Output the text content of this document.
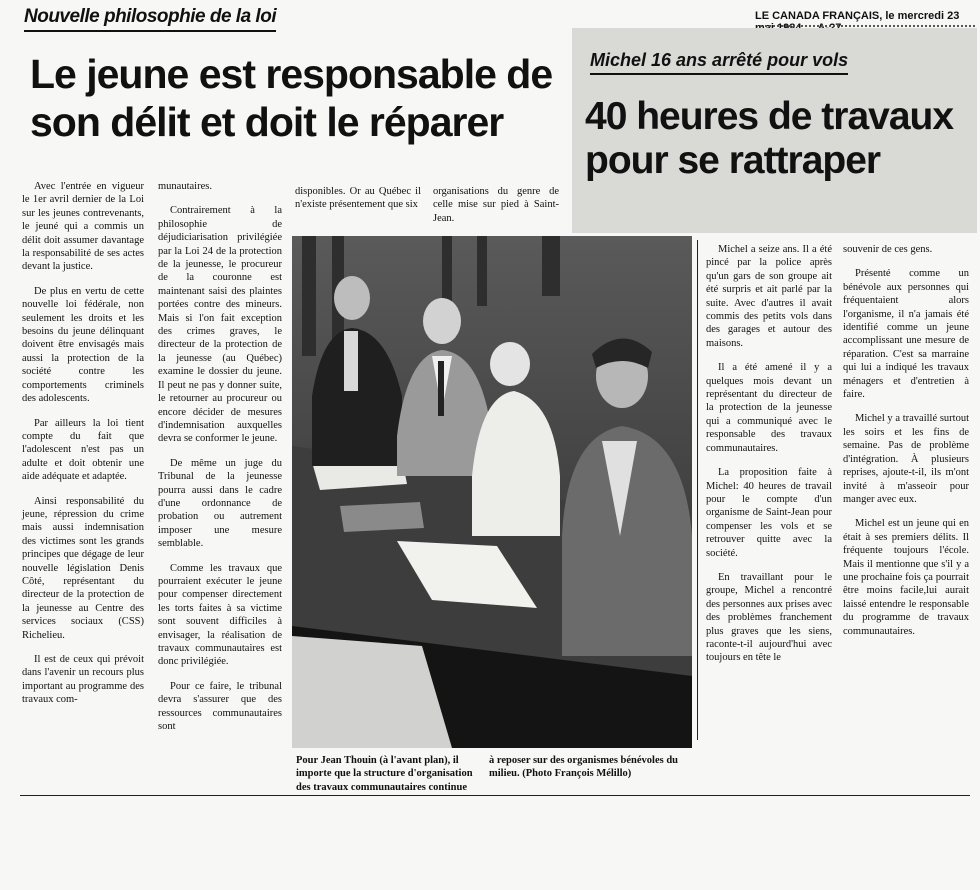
Nouvelle philosophie de la loi
Le jeune est responsable de son délit et doit le réparer
LE CANADA FRANÇAIS, le mercredi 23
Michel 16 ans arrêté pour vols
40 heures de travaux pour se rattraper

Avec l'entrée en vigueur le 1er avril dernier de la Loi sur les jeunes contrevenants, le jeuné qui a commis un délit doit assumer davantage la responsabilité de ses actes devant la justice.

De plus en vertu de cette nouvelle loi fédérale, non seulement les droits et les besoins du jeune délinquant doivent être envisagés mais aussi la protection de la société contre les comportements criminels des adolescents.

Par ailleurs la loi tient compte du fait que l'adolescent n'est pas un adulte et doit obtenir une aide adéquate et adaptée.

Ainsi responsabilité du jeune, répression du crime mais aussi indemnisation des victimes sont les grands principes que dégage de leur nouvelle législation Denis Côté, représentant du directeur de la protection de la jeunesse au Centre des services sociaux (CSS) Richelieu.

Il est de ceux qui prévoit dans l'avenir un recours plus important au programme des travaux com-

munautaires.

Contrairement à la philosophie de déjudiciarisation privilégiée par la Loi 24 de la protection de la jeunesse, le procureur de la couronne est maintenant saisi des plaintes portées contre des mineurs. Mais si l'on fait exception des crimes graves, le directeur de la protection de la jeunesse (au Québec) examine le dossier du jeune. Il peut ne pas y donner suite, le retourner au procureur ou encore décider de mesures d'indemnisation auxquelles devra se conformer le jeune.

De même un juge du Tribunal de la jeunesse pourra aussi dans le cadre d'une ordonnance de probation ou autrement imposer une mesure semblable.

Comme les travaux que pourraient exécuter le jeune pour compenser directement les torts faites à sa victime sont souvent difficiles à envisager, la réalisation de travaux communautaires est donc privilégiée.

Pour ce faire, le tribunal devra s'assurer que des ressources communautaires sont

disponibles. Or au Québec il n'existe présentement que six

organisations du genre de celle mise sur pied à Saint-Jean.

Pour Jean Thouin (à l'avant plan), il importe que la structure d'organisation des travaux communautaires continue
à reposer sur des organismes bénévoles du milieu. (Photo François Mélillo)

Michel a seize ans. Il a été pincé par la police après qu'un gars de son groupe ait été surpris et ait parlé par la suite. Avec d'autres il avait commis des petits vols dans des garages et autour des maisons.

Il a été amené il y a quelques mois devant un représentant du directeur de la protection de la jeunesse qui a communiqué avec le responsable des travaux communautaires.

La proposition faite à Michel: 40 heures de travail pour le compte d'un organisme de Saint-Jean pour compenser les vols et se retrouver quitte avec la société.

En travaillant pour le groupe, Michel a rencontré des personnes aux prises avec des problèmes franchement plus graves que les siens, raconte-t-il aujourd'hui avec toujours en tête le

souvenir de ces gens.

Présenté comme un bénévole aux personnes qui fréquentaient alors l'organisme, il n'a jamais été identifié comme un jeune accomplissant une mesure de réparation. C'est sa marraine qui lui a indiqué les travaux ménagers et d'entretien à faire.

Michel y a travaillé surtout les soirs et les fins de semaine. Pas de problème d'intégration. À plusieurs reprises, ajoute-t-il, ils m'ont invité à m'asseoir pour manger avec eux.

Michel est un jeune qui en était à ses premiers délits. Il fréquente toujours l'école. Mais il mentionne que s'il y a une prochaine fois ça pourrait être moins facile,lui aurait laissé entendre le responsable du programme de travaux communautaires.
